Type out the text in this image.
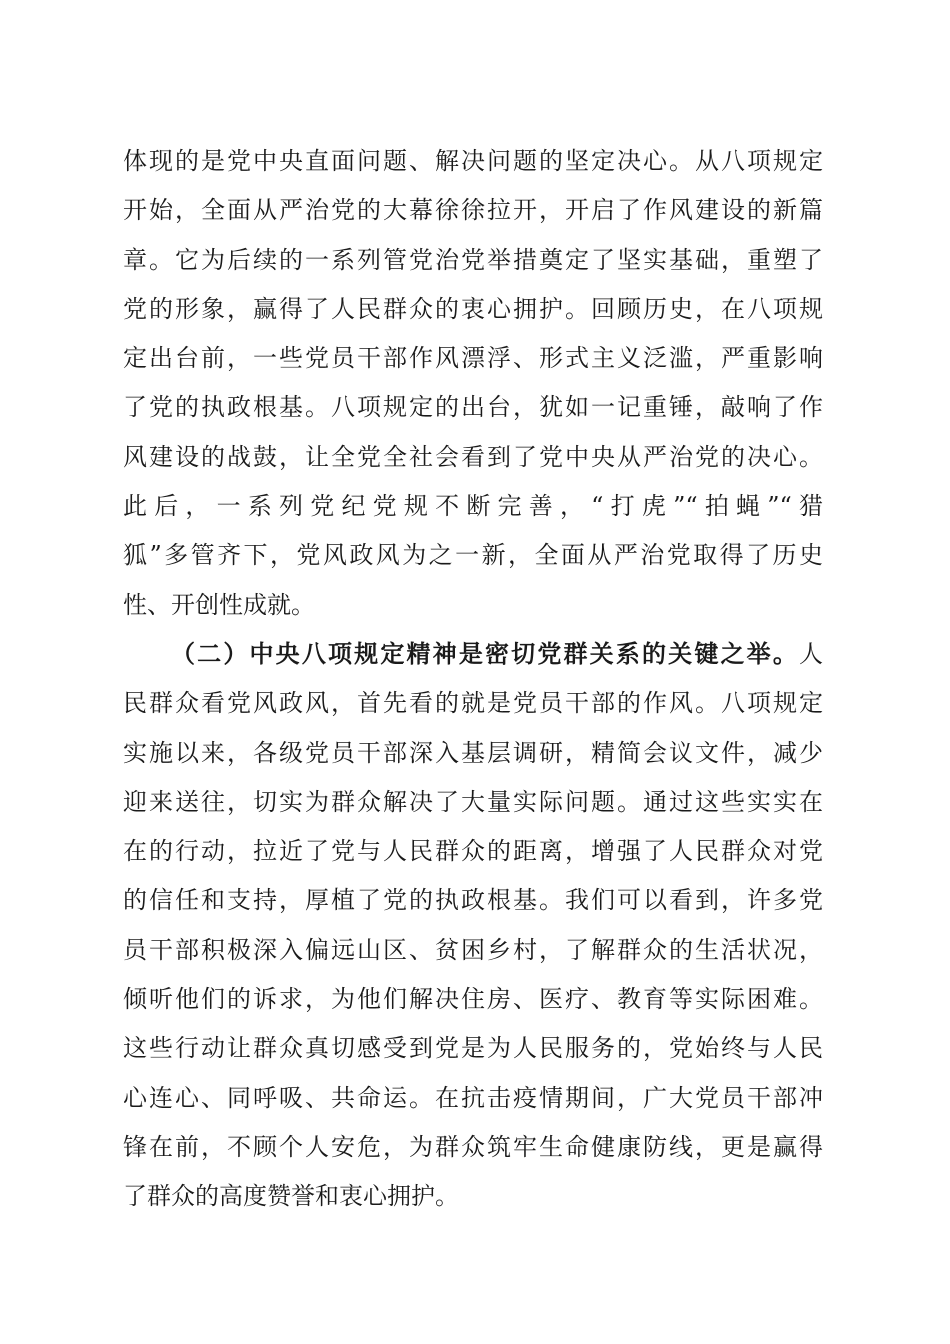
体现的是党中央直面问题、解决问题的坚定决心。从八项规定
开始，全面从严治党的大幕徐徐拉开，开启了作风建设的新篇
章。它为后续的一系列管党治党举措奠定了坚实基础，重塑了
党的形象，赢得了人民群众的衷心拥护。回顾历史，在八项规
定出台前，一些党员干部作风漂浮、形式主义泛滥，严重影响
了党的执政根基。八项规定的出台，犹如一记重锤，敲响了作
风建设的战鼓，让全党全社会看到了党中央从严治党的决心。
此后，一系列党纪党规不断完善，“打虎”“拍蝇”“猎
狐”多管齐下，党风政风为之一新，全面从严治党取得了历史
性、开创性成就。
（二）中央八项规定精神是密切党群关系的关键之举。人
民群众看党风政风，首先看的就是党员干部的作风。八项规定
实施以来，各级党员干部深入基层调研，精简会议文件，减少
迎来送往，切实为群众解决了大量实际问题。通过这些实实在
在的行动，拉近了党与人民群众的距离，增强了人民群众对党
的信任和支持，厚植了党的执政根基。我们可以看到，许多党
员干部积极深入偏远山区、贫困乡村，了解群众的生活状况，
倾听他们的诉求，为他们解决住房、医疗、教育等实际困难。
这些行动让群众真切感受到党是为人民服务的，党始终与人民
心连心、同呼吸、共命运。在抗击疫情期间，广大党员干部冲
锋在前，不顾个人安危，为群众筑牢生命健康防线，更是赢得
了群众的高度赞誉和衷心拥护。
